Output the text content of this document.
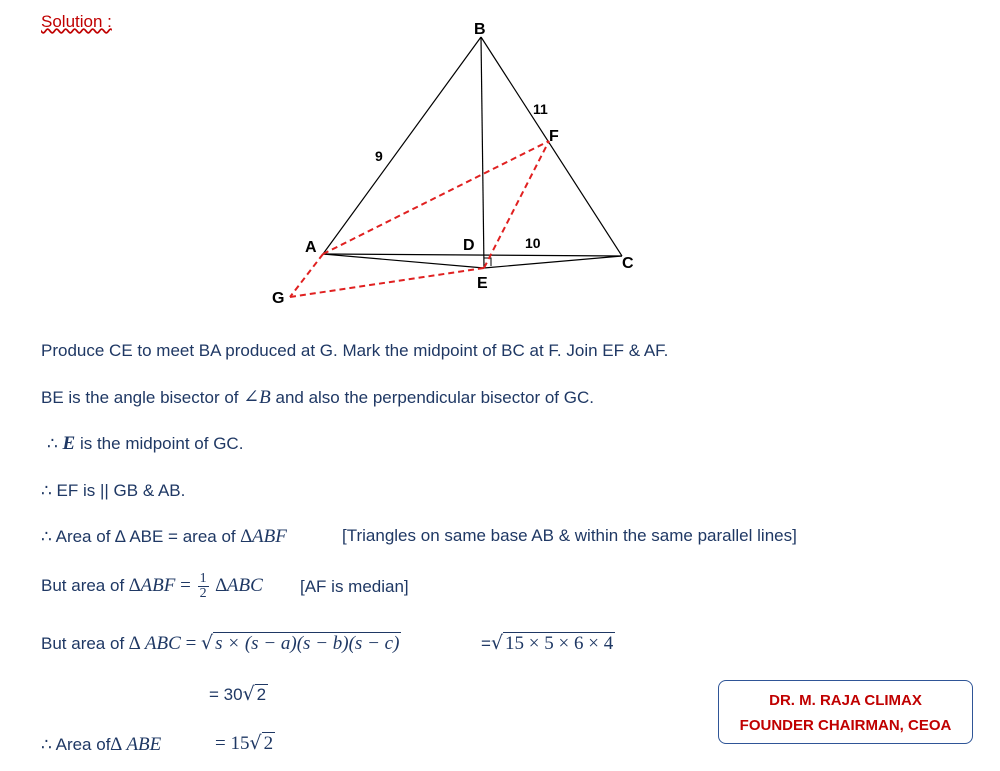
Solution :	B
A
C
D
E
F
G
9
11
10
Produce CE to meet BA produced at G. Mark the midpoint of BC at F. Join EF & AF.
BE is the angle bisector of ∠B and also the perpendicular bisector of GC.
∴ E is the midpoint of GC.
∴ EF is || GB & AB.
∴ Area of ∆ ABE = area of ∆ABF	[Triangles on same base AB & within the same parallel lines]
But area of $\Delta ABF = \frac{1}{2} \Delta ABC$ [AF is median]
But area of ∆ ABC = √ s × (s − a)(s − b)(s − c)	=√ 15 × 5 × 6 × 4
= 30√ 2
∴ Area of∆ ABE	= 15√ 2
DR. M. RAJA CLIMAX
FOUNDER CHAIRMAN, CEOA
